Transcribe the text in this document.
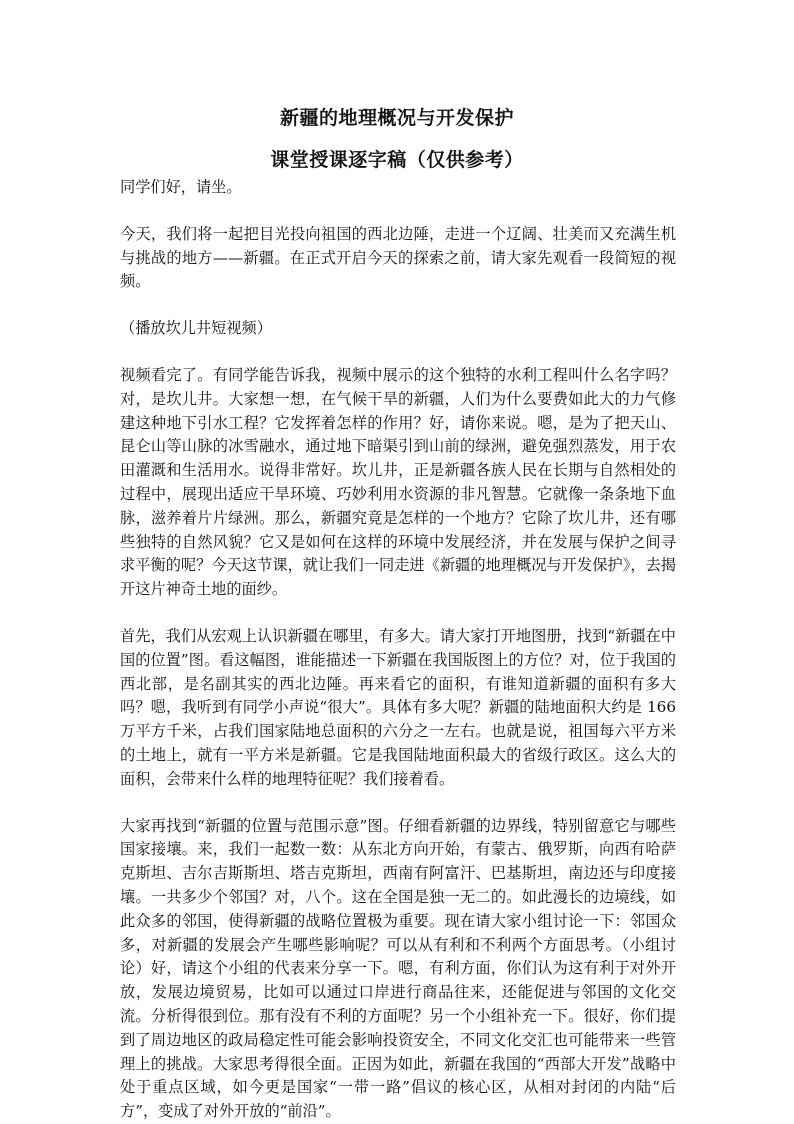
新疆的地理概况与开发保护
课堂授课逐字稿（仅供参考）

同学们好，请坐。

今天，我们将一起把目光投向祖国的西北边陲，走进一个辽阔、壮美而又充满生机与挑战的地方——新疆。在正式开启今天的探索之前，请大家先观看一段简短的视频。

（播放坎儿井短视频）

视频看完了。有同学能告诉我，视频中展示的这个独特的水利工程叫什么名字吗？对，是坎儿井。大家想一想，在气候干旱的新疆，人们为什么要费如此大的力气修建这种地下引水工程？它发挥着怎样的作用？好，请你来说。嗯，是为了把天山、昆仑山等山脉的冰雪融水，通过地下暗渠引到山前的绿洲，避免强烈蒸发，用于农田灌溉和生活用水。说得非常好。坎儿井，正是新疆各族人民在长期与自然相处的过程中，展现出适应干旱环境、巧妙利用水资源的非凡智慧。它就像一条条地下血脉，滋养着片片绿洲。那么，新疆究竟是怎样的一个地方？它除了坎儿井，还有哪些独特的自然风貌？它又是如何在这样的环境中发展经济，并在发展与保护之间寻求平衡的呢？今天这节课，就让我们一同走进《新疆的地理概况与开发保护》，去揭开这片神奇土地的面纱。

首先，我们从宏观上认识新疆在哪里，有多大。请大家打开地图册，找到“新疆在中国的位置”图。看这幅图，谁能描述一下新疆在我国版图上的方位？对，位于我国的西北部，是名副其实的西北边陲。再来看它的面积，有谁知道新疆的面积有多大吗？嗯，我听到有同学小声说“很大”。具体有多大呢？新疆的陆地面积大约是 166 万平方千米，占我们国家陆地总面积的六分之一左右。也就是说，祖国每六平方米的土地上，就有一平方米是新疆。它是我国陆地面积最大的省级行政区。这么大的面积，会带来什么样的地理特征呢？我们接着看。

大家再找到“新疆的位置与范围示意”图。仔细看新疆的边界线，特别留意它与哪些国家接壤。来，我们一起数一数：从东北方向开始，有蒙古、俄罗斯，向西有哈萨克斯坦、吉尔吉斯斯坦、塔吉克斯坦，西南有阿富汗、巴基斯坦，南边还与印度接壤。一共多少个邻国？对，八个。这在全国是独一无二的。如此漫长的边境线，如此众多的邻国，使得新疆的战略位置极为重要。现在请大家小组讨论一下：邻国众多，对新疆的发展会产生哪些影响呢？可以从有利和不利两个方面思考。（小组讨论）好，请这个小组的代表来分享一下。嗯，有利方面，你们认为这有利于对外开放，发展边境贸易，比如可以通过口岸进行商品往来，还能促进与邻国的文化交流。分析得很到位。那有没有不利的方面呢？另一个小组补充一下。很好，你们提到了周边地区的政局稳定性可能会影响投资安全，不同文化交汇也可能带来一些管理上的挑战。大家思考得很全面。正因为如此，新疆在我国的“西部大开发”战略中处于重点区域，如今更是国家“一带一路”倡议的核心区，从相对封闭的内陆“后方”，变成了对外开放的“前沿”。
